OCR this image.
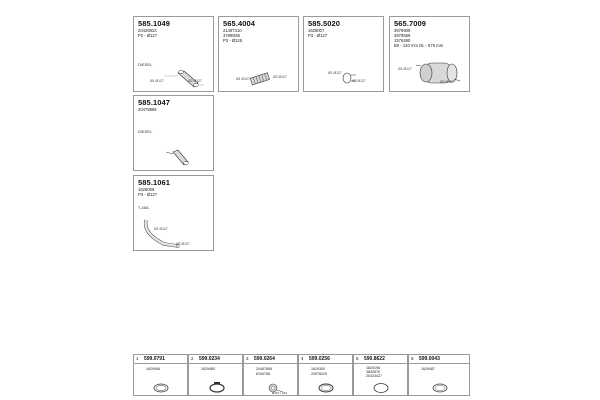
585.1049
20426923
P2 - Ø127
DIESEL
Ø1 Ø127	Ø2 Ø127
565.4004
21497410
3789D65
P3 - Ø125
Ø1 Ø127	Ø2 Ø127
585.5020
1628007
P3 - Ø127
Ø1 Ø127
Ø2 Ø127
565.7009
3979909
3979559
1576490
B0 - 140 mm DL - 575 mm
Ø1 Ø127
Ø2 Ø127
585.1047
20478885
DIESEL
585.1061
1629009
P3 - Ø127
T-45A
Ø1 Ø127
Ø2 Ø127
1 599.0791
1629908
2 599.0234
1629480
3 599.0264
20467806
8194756
Ø127 / 100
4 599.0256
1629300
20578229
5 590.8622
1820196
3842876
20423427
6 599.0043
1629487
